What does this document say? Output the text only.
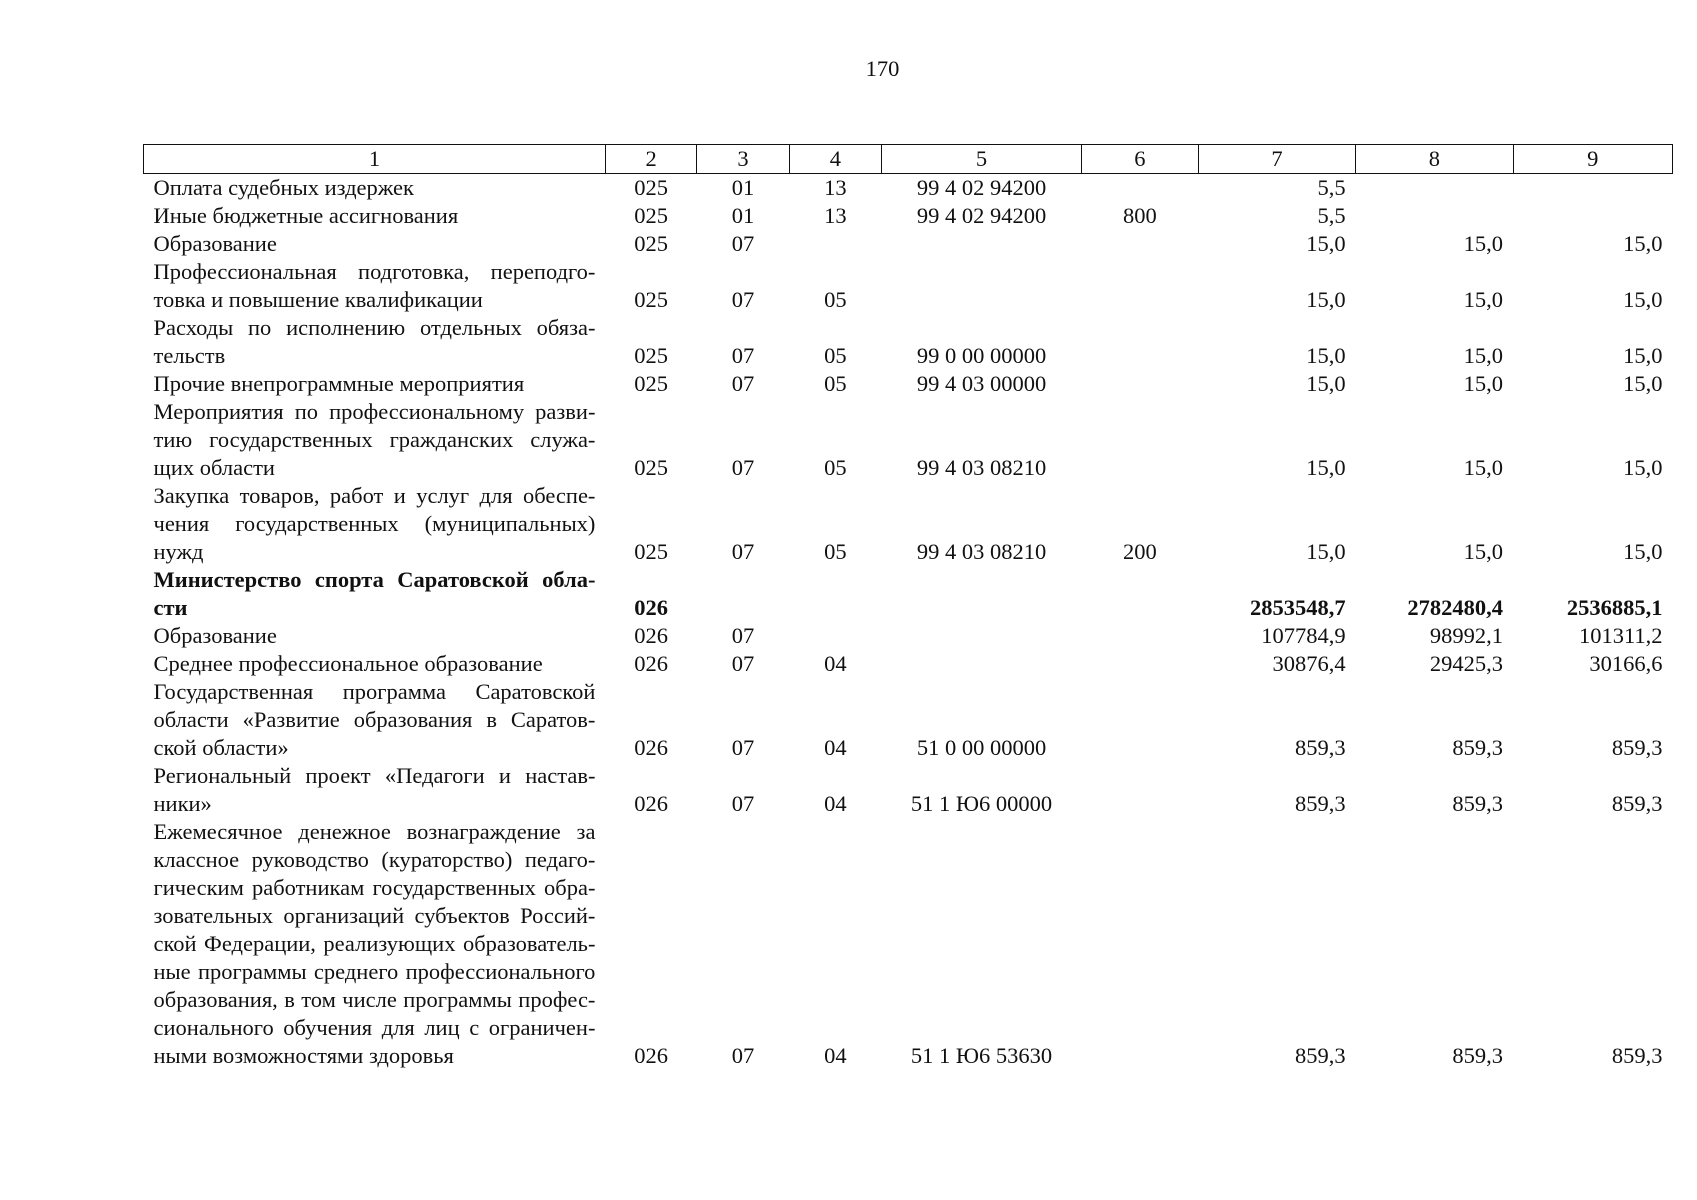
170
1	2	3	4	5	6	7	8	9
Оплата судебных издержек	025	01	13	99 4 02 94200		5,5		
Иные бюджетные ассигнования	025	01	13	99 4 02 94200	800	5,5		
Образование	025	07				15,0	15,0	15,0
Профессиональная подготовка, переподго-товка и повышение квалификации	025	07	05			15,0	15,0	15,0
Расходы по исполнению отдельных обяза-тельств	025	07	05	99 0 00 00000		15,0	15,0	15,0
Прочие внепрограммные мероприятия	025	07	05	99 4 03 00000		15,0	15,0	15,0
Мероприятия по профессиональному разви-тию государственных гражданских служа-щих области	025	07	05	99 4 03 08210		15,0	15,0	15,0
Закупка товаров, работ и услуг для обеспе-чения государственных (муниципальных) нужд	025	07	05	99 4 03 08210	200	15,0	15,0	15,0
Министерство спорта Саратовской обла-сти	026					2853548,7	2782480,4	2536885,1
Образование	026	07				107784,9	98992,1	101311,2
Среднее профессиональное образование	026	07	04			30876,4	29425,3	30166,6
Государственная программа Саратовской области «Развитие образования в Саратов-ской области»	026	07	04	51 0 00 00000		859,3	859,3	859,3
Региональный проект «Педагоги и настав-ники»	026	07	04	51 1 Ю6 00000		859,3	859,3	859,3
Ежемесячное денежное вознаграждение за классное руководство (кураторство) педаго-гическим работникам государственных обра-зовательных организаций субъектов Россий-ской Федерации, реализующих образователь-ные программы среднего профессионального образования, в том числе программы профес-сионального обучения для лиц с ограничен-ными возможностями здоровья	026	07	04	51 1 Ю6 53630		859,3	859,3	859,3
